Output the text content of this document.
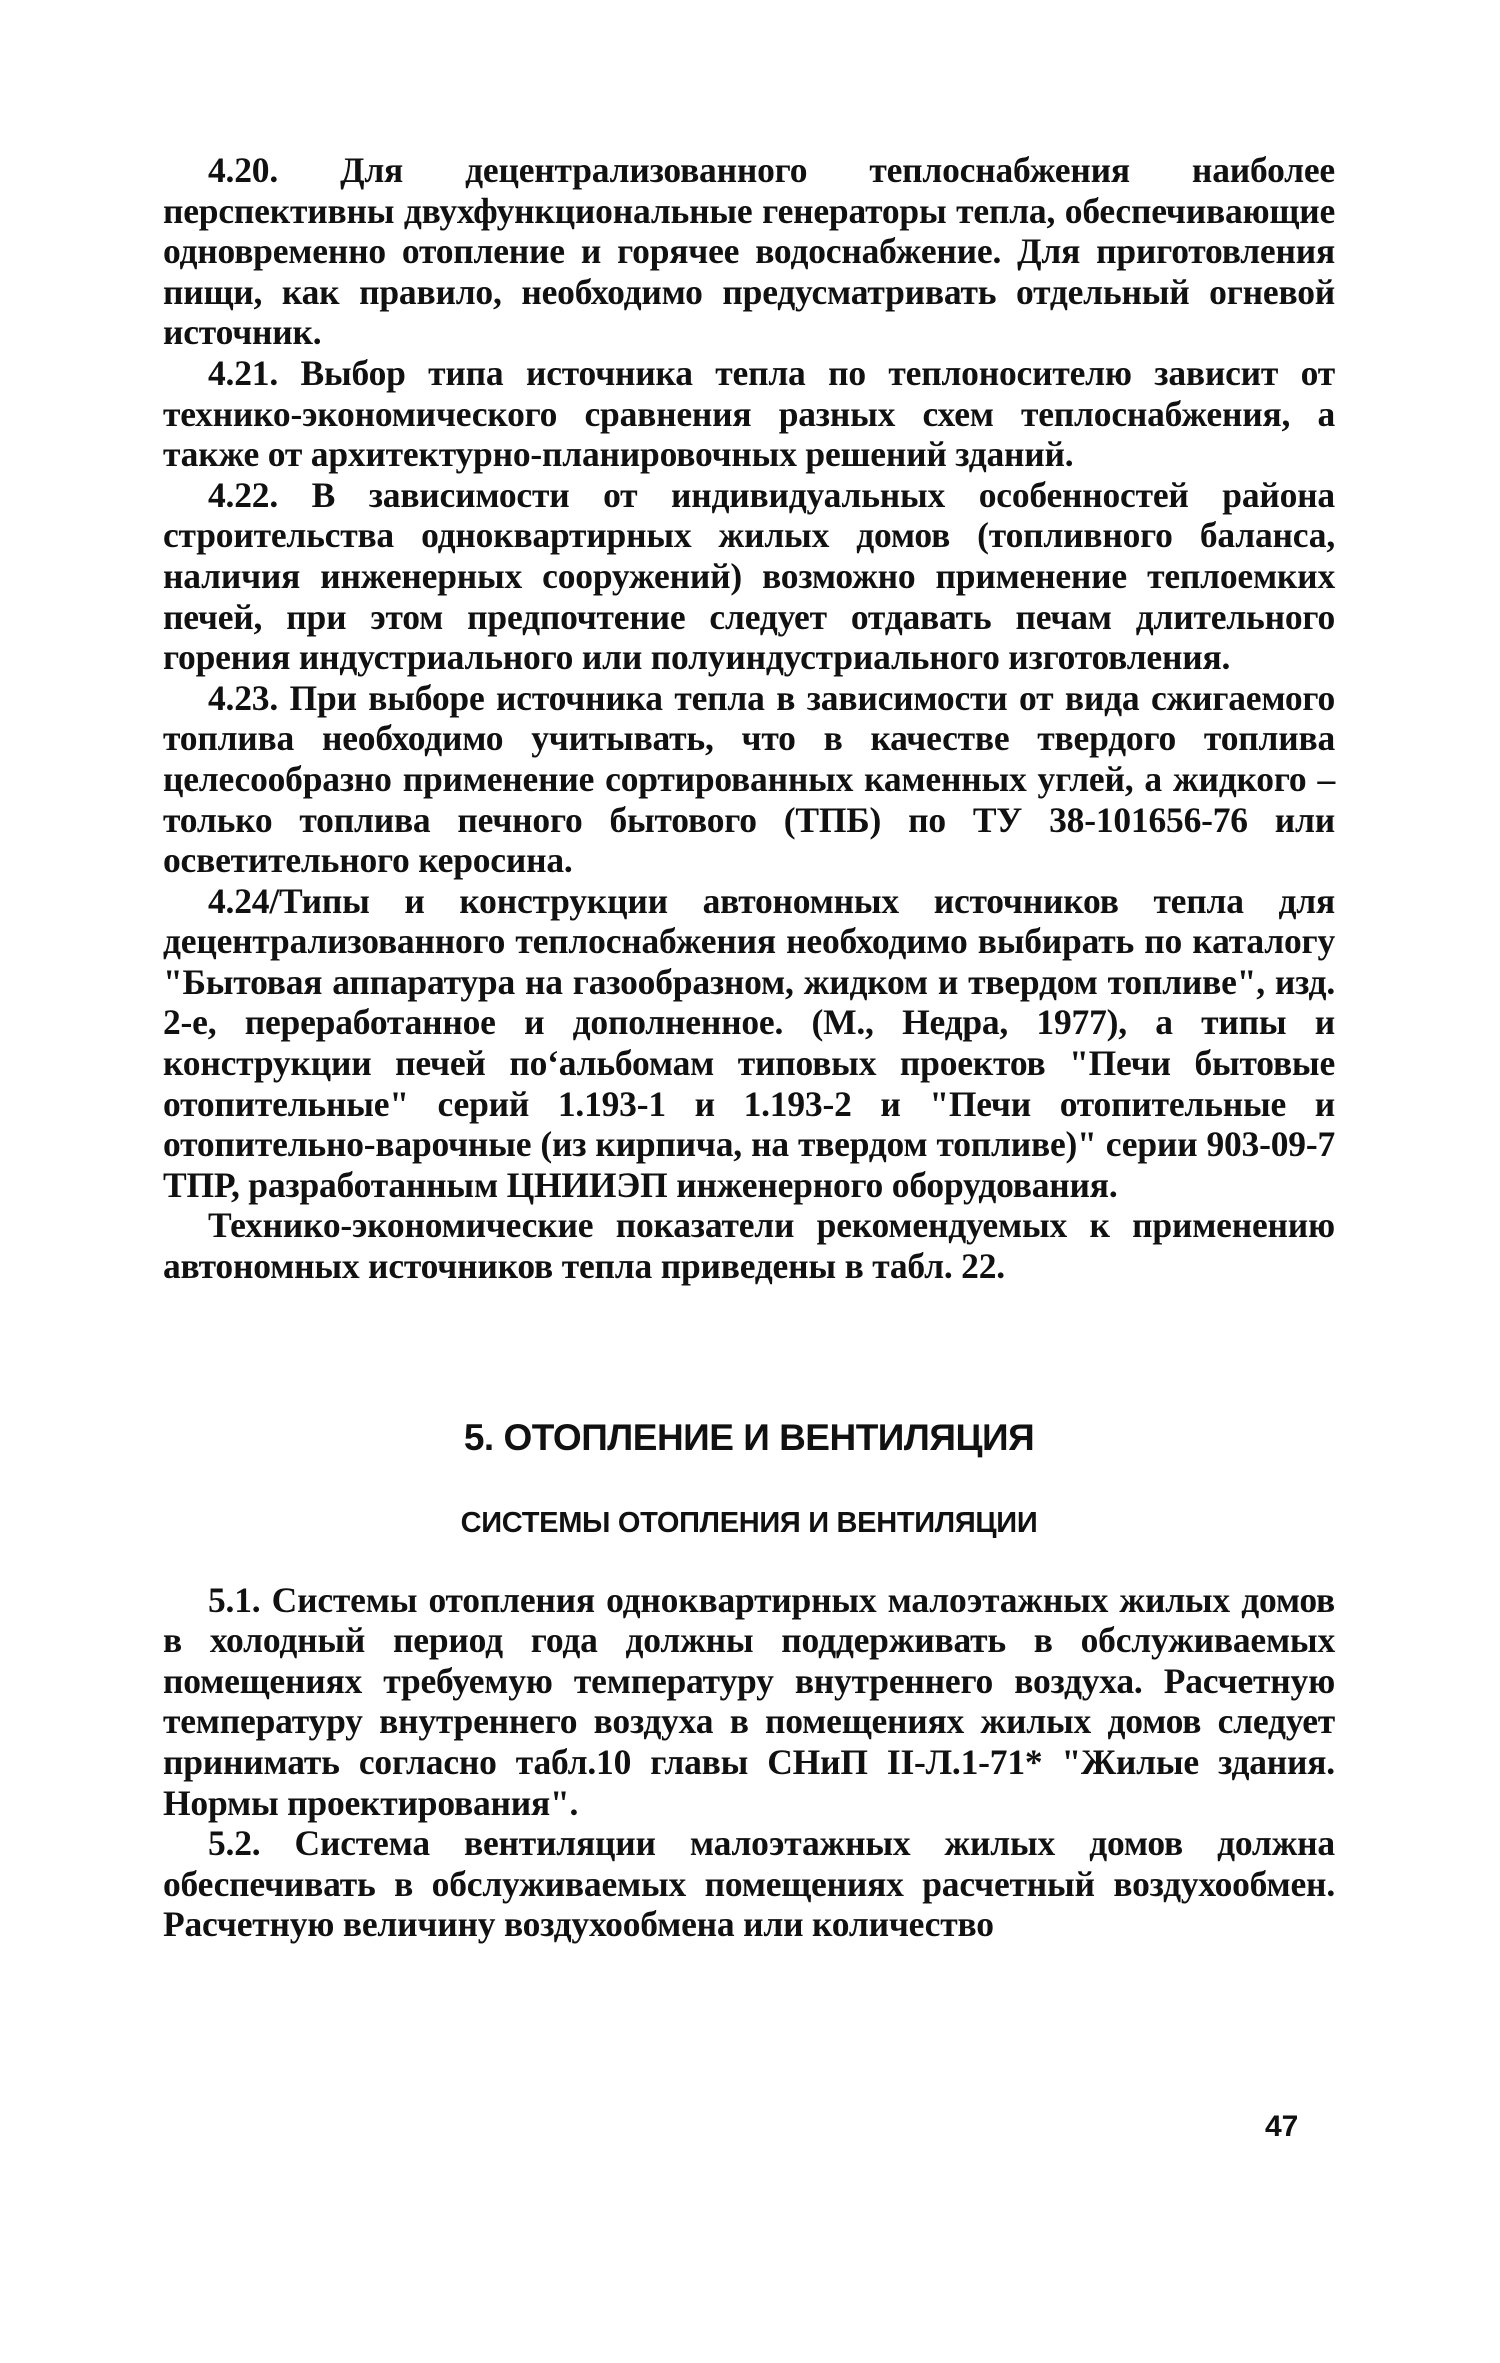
4.20. Для децентрализованного теплоснабжения наиболее перспективны двухфункциональные генераторы тепла, обеспечивающие одновременно отопление и горячее водоснабжение. Для приготовления пищи, как правило, необходимо предусматривать отдельный огневой источник.

4.21. Выбор типа источника тепла по теплоносителю зависит от технико-экономического сравнения разных схем теплоснабжения, а также от архитектурно-планировочных решений зданий.

4.22. В зависимости от индивидуальных особенностей района строительства одноквартирных жилых домов (топливного баланса, наличия инженерных сооружений) возможно применение теплоемких печей, при этом предпочтение следует отдавать печам длительного горения индустриального или полуиндустриального изготовления.

4.23. При выборе источника тепла в зависимости от вида сжигаемого топлива необходимо учитывать, что в качестве твердого топлива целесообразно применение сортированных каменных углей, а жидкого – только топлива печного бытового (ТПБ) по ТУ 38-101656-76 или осветительного керосина.

4.24/Типы и конструкции автономных источников тепла для децентрализованного теплоснабжения необходимо выбирать по каталогу "Бытовая аппаратура на газообразном, жидком и твердом топливе", изд. 2-е, переработанное и дополненное. (М., Недра, 1977), а типы и конструкции печей по‘альбомам типовых проектов "Печи бытовые отопительные" серий 1.193-1 и 1.193-2 и "Печи отопительные и отопительно-варочные (из кирпича, на твердом топливе)" серии 903-09-7 ТПР, разработанным ЦНИИЭП инженерного оборудования.

Технико-экономические показатели рекомендуемых к применению автономных источников тепла приведены в табл. 22.

5. ОТОПЛЕНИЕ И ВЕНТИЛЯЦИЯ
СИСТЕМЫ ОТОПЛЕНИЯ И ВЕНТИЛЯЦИИ

5.1. Системы отопления одноквартирных малоэтажных жилых домов в холодный период года должны поддерживать в обслуживаемых помещениях требуемую температуру внутреннего воздуха. Расчетную температуру внутреннего воздуха в помещениях жилых домов следует принимать согласно табл.10 главы СНиП II-Л.1-71* "Жилые здания. Нормы проектирования".

5.2. Система вентиляции малоэтажных жилых домов должна обеспечивать в обслуживаемых помещениях расчетный воздухообмен. Расчетную величину воздухообмена или количество

47
